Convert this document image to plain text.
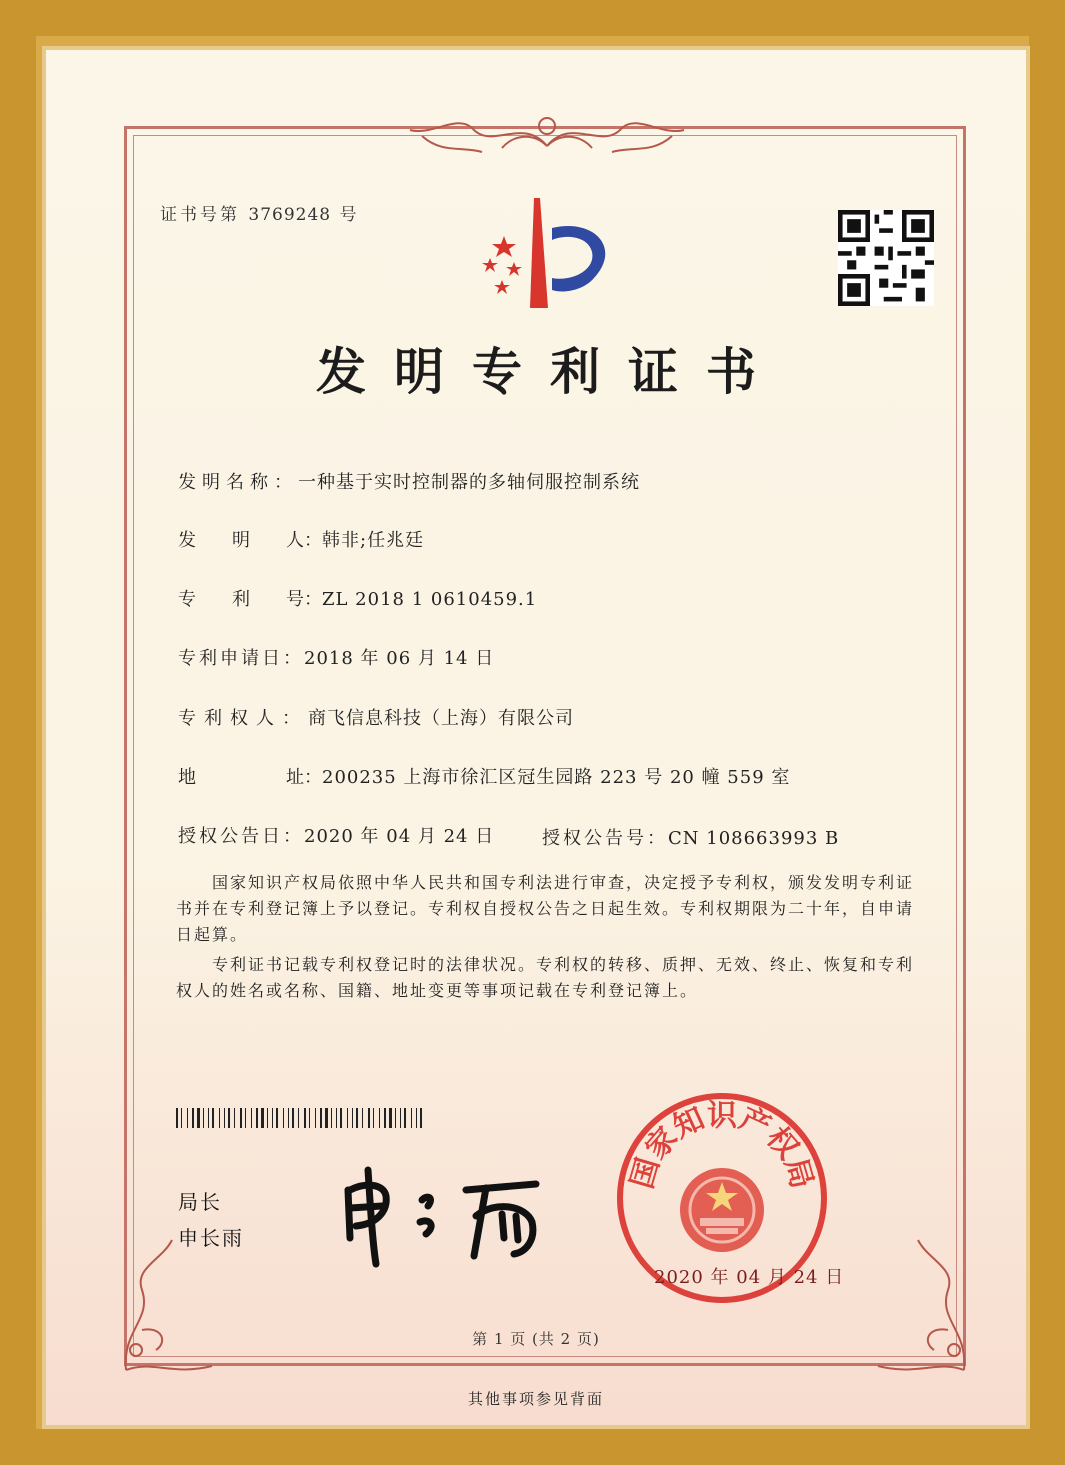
证书号第 3769248 号
发明专利证书
发明名称：一种基于实时控制器的多轴伺服控制系统
发　　明　　人：韩非;任兆廷
专　　利　　号：ZL 2018 1 0610459.1
专利申请日：2018 年 06 月 14 日
专利权人：商飞信息科技（上海）有限公司
地　　　　　址：200235 上海市徐汇区冠生园路 223 号 20 幢 559 室
授权公告日：2020 年 04 月 24 日	授权公告号：CN 108663993 B
国家知识产权局依照中华人民共和国专利法进行审查，决定授予专利权，颁发发明专利证书并在专利登记簿上予以登记。专利权自授权公告之日起生效。专利权期限为二十年，自申请日起算。
专利证书记载专利权登记时的法律状况。专利权的转移、质押、无效、终止、恢复和专利权人的姓名或名称、国籍、地址变更等事项记载在专利登记簿上。
局长
申长雨
国家知识产权局
2020 年 04 月 24 日
第 1 页 (共 2 页)
其他事项参见背面
